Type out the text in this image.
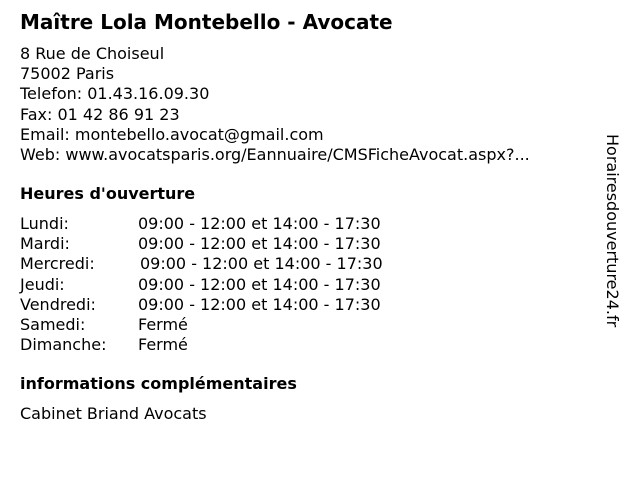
Maître Lola Montebello - Avocate
8 Rue de Choiseul
75002 Paris
Telefon: 01.43.16.09.30
Fax: 01 42 86 91 23
Email: montebello.avocat@gmail.com
Web: www.avocatsparis.org/Eannuaire/CMSFicheAvocat.aspx?...
Heures d'ouverture
Lundi:	09:00 - 12:00 et 14:00 - 17:30
Mardi:	09:00 - 12:00 et 14:00 - 17:30
Mercredi:	09:00 - 12:00 et 14:00 - 17:30
Jeudi:	09:00 - 12:00 et 14:00 - 17:30
Vendredi:	09:00 - 12:00 et 14:00 - 17:30
Samedi:	Fermé
Dimanche: Fermé
informations complémentaires
Cabinet Briand Avocats
Horairesdouverture24.fr
